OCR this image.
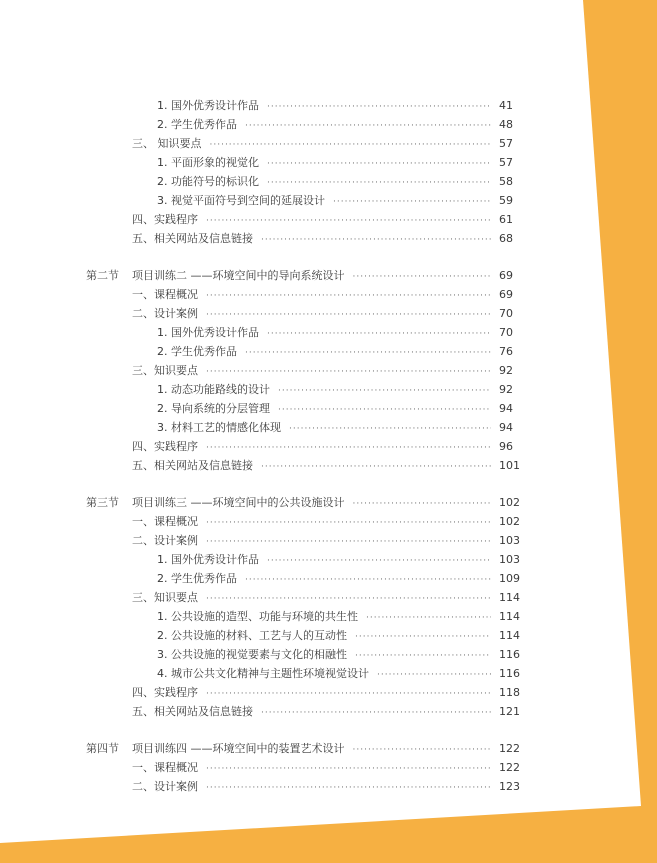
1. 国外优秀设计作品 ·····	41
2. 学生优秀作品 ·····	48
三、 知识要点 ·····	57
1. 平面形象的视觉化 ·····	57
2. 功能符号的标识化 ·····	58
3. 视觉平面符号到空间的延展设计 ·····	59
四、实践程序 ·····	61
五、相关网站及信息链接 ·····	68
第二节 项目训练二 ——环境空间中的导向系统设计 ·····	69
一、课程概况 ·····	69
二、设计案例 ·····	70
1. 国外优秀设计作品 ·····	70
2. 学生优秀作品 ·····	76
三、知识要点 ·····	92
1. 动态功能路线的设计 ·····	92
2. 导向系统的分层管理 ·····	94
3. 材料工艺的情感化体现 ·····	94
四、实践程序 ·····	96
五、相关网站及信息链接 ·····	101
第三节 项目训练三 ——环境空间中的公共设施设计 ·····	102
一、课程概况 ·····	102
二、设计案例 ·····	103
1. 国外优秀设计作品 ·····	103
2. 学生优秀作品 ·····	109
三、知识要点 ·····	114
1. 公共设施的造型、功能与环境的共生性 ·····	114
2. 公共设施的材料、工艺与人的互动性 ·····	114
3. 公共设施的视觉要素与文化的相融性 ·····	116
4. 城市公共文化精神与主题性环境视觉设计 ·····	116
四、实践程序 ·····	118
五、相关网站及信息链接 ·····	121
第四节 项目训练四 ——环境空间中的装置艺术设计 ·····	122
一、课程概况 ·····	122
二、设计案例 ·····	123
